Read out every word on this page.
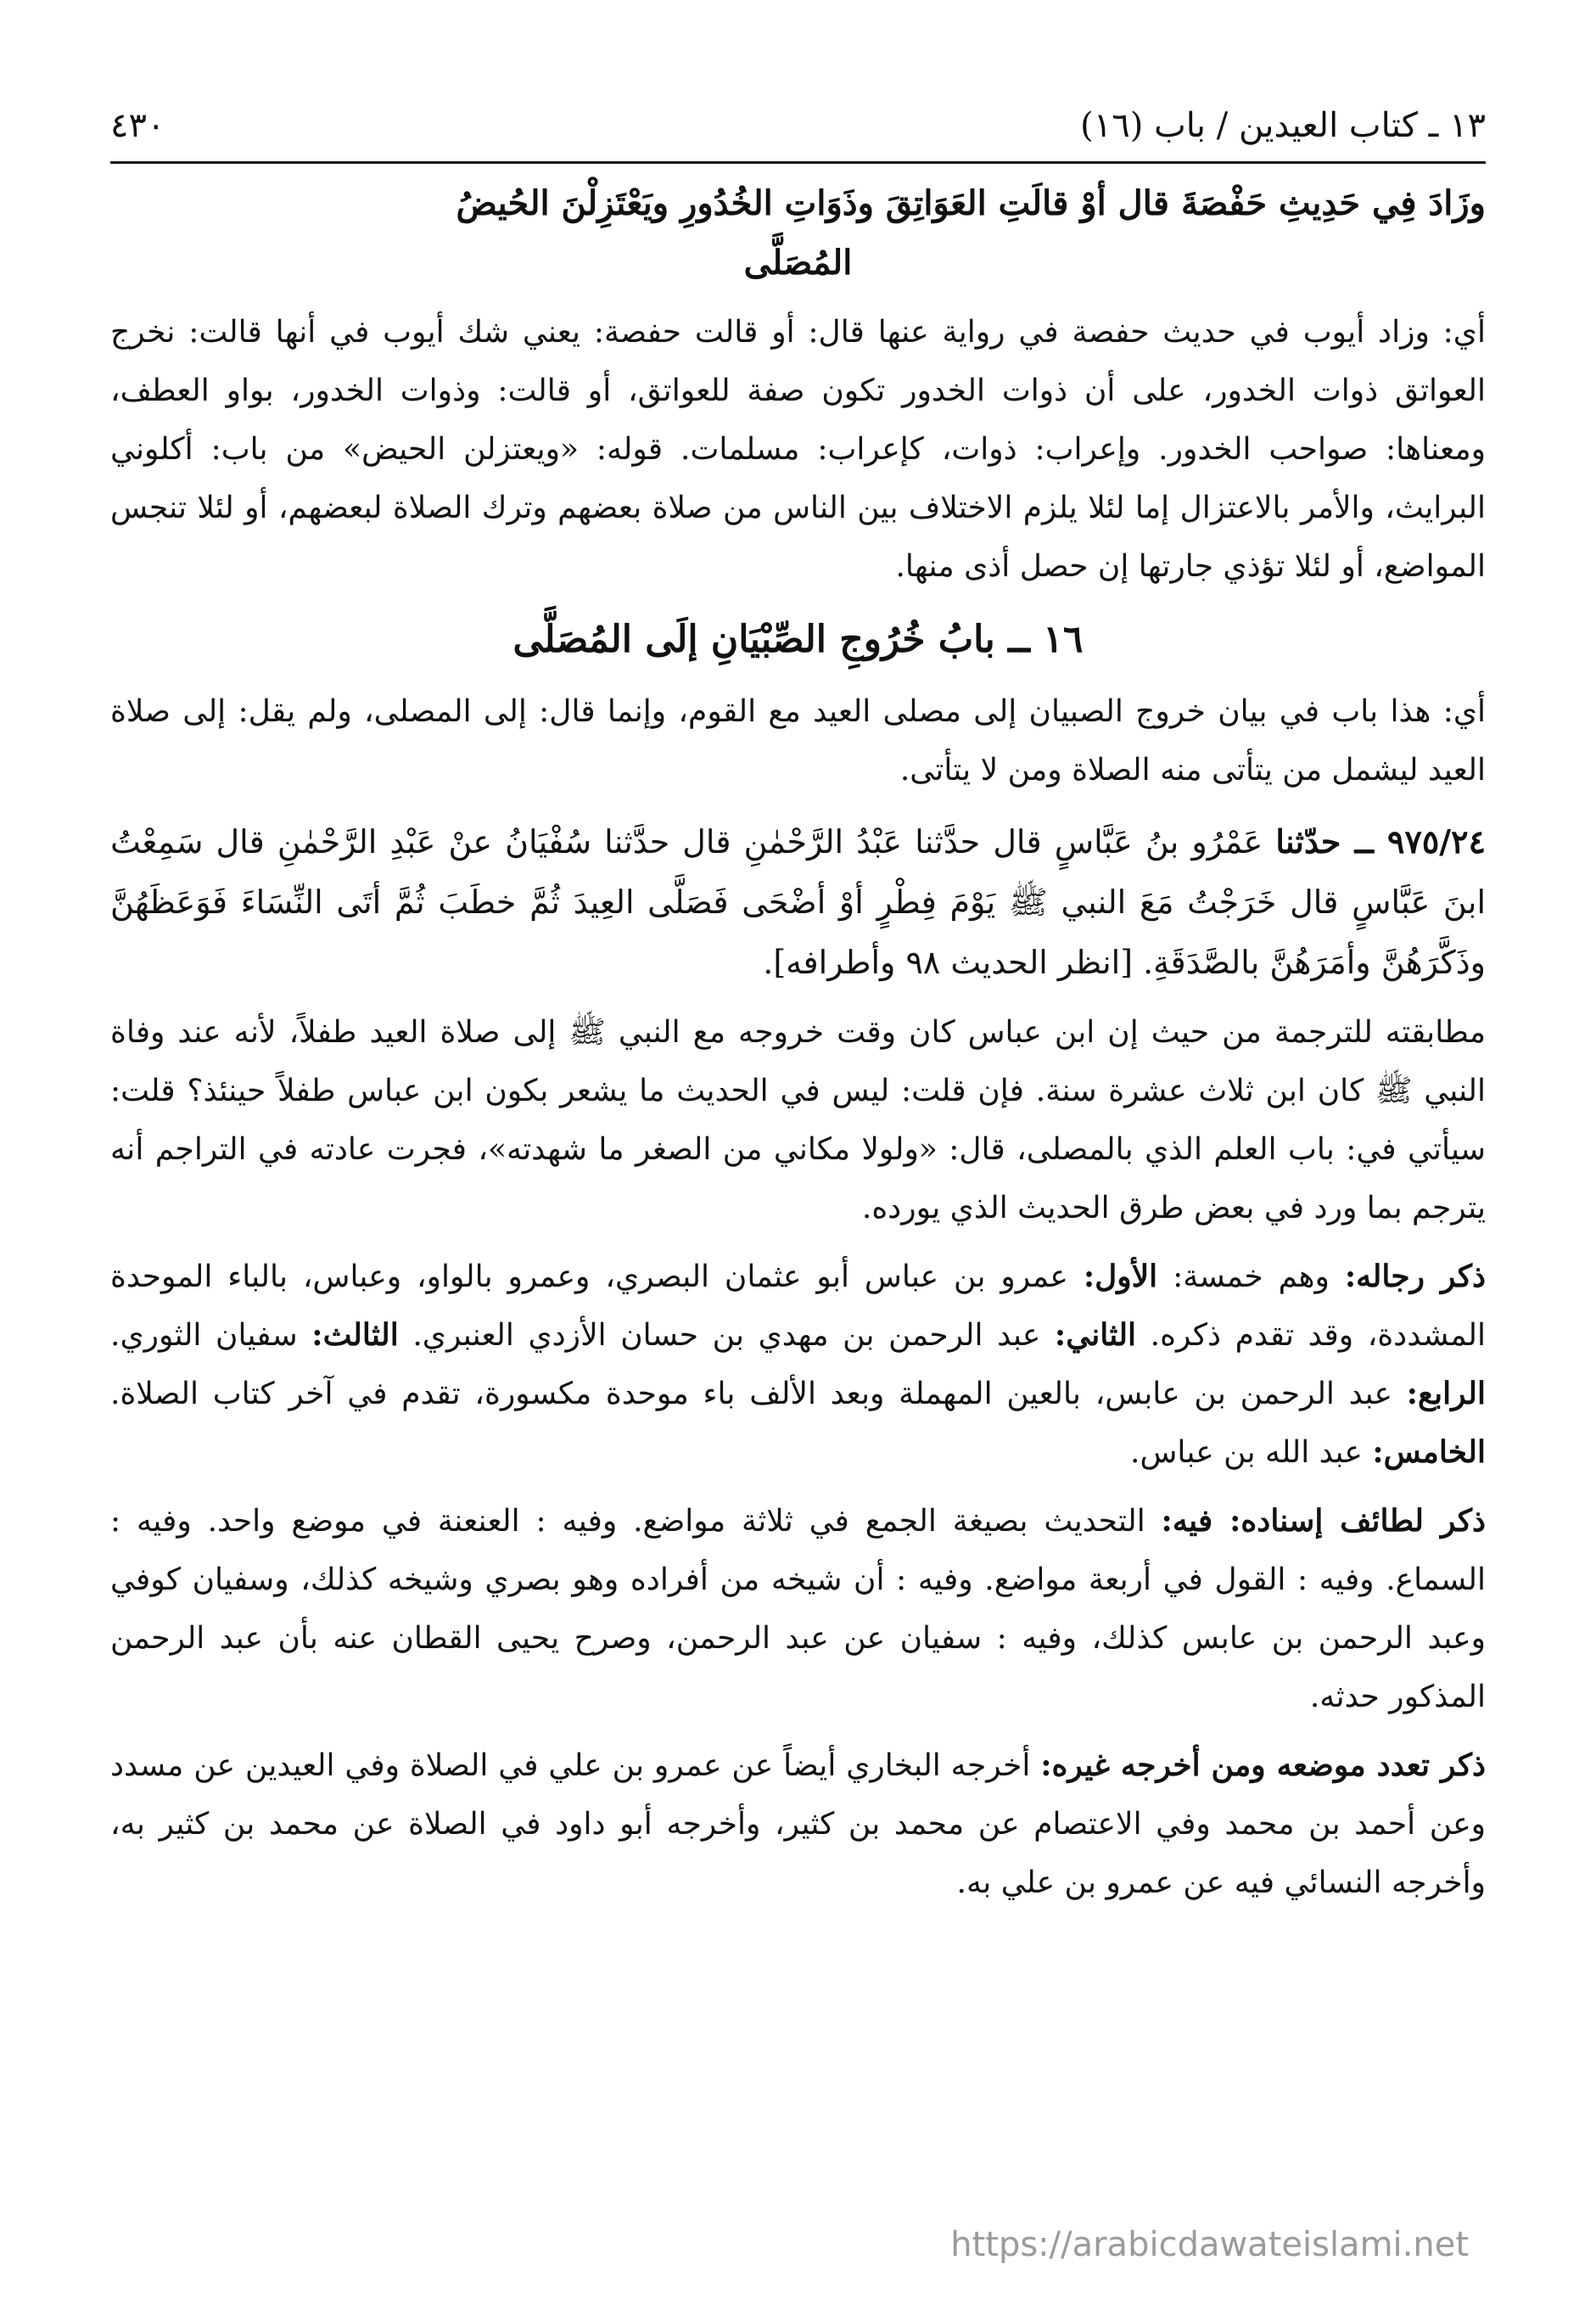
١٣ ـ كتاب العيدين / باب (١٦)
٤٣٠

وزَادَ فِي حَدِيثِ حَفْصَةَ قال أوْ قالَتِ العَوَاتِقَ وذَوَاتِ الخُدُورِ ويَعْتَزِلْنَ الحُيضُ
المُصَلَّى

أي: وزاد أيوب في حديث حفصة في رواية عنها قال: أو قالت حفصة: يعني شك أيوب في أنها قالت: نخرج العواتق ذوات الخدور، على أن ذوات الخدور تكون صفة للعواتق، أو قالت: وذوات الخدور، بواو العطف، ومعناها: صواحب الخدور. وإعراب: ذوات، كإعراب: مسلمات. قوله: «ويعتزلن الحيض» من باب: أكلوني البرايث، والأمر بالاعتزال إما لئلا يلزم الاختلاف بين الناس من صلاة بعضهم وترك الصلاة لبعضهم، أو لئلا تنجس المواضع، أو لئلا تؤذي جارتها إن حصل أذى منها.

١٦ ــ بابُ خُرُوجِ الصِّبْيَانِ إلَى المُصَلَّى

أي: هذا باب في بيان خروج الصبيان إلى مصلى العيد مع القوم، وإنما قال: إلى المصلى، ولم يقل: إلى صلاة العيد ليشمل من يتأتى منه الصلاة ومن لا يتأتى.

٩٧٥/٢٤ ــ حدّثنا عَمْرُو بنُ عَبَّاسٍ قال حدَّثنا عَبْدُ الرَّحْمٰنِ قال حدَّثنا سُفْيَانُ عنْ عَبْدِ الرَّحْمٰنِ قال سَمِعْتُ ابنَ عَبَّاسٍ قال خَرَجْتُ مَعَ النبي ﷺ يَوْمَ فِطْرٍ أوْ أضْحَى فَصَلَّى العِيدَ ثُمَّ خطَبَ ثُمَّ أتَى النِّسَاءَ فَوَعَظَهُنَّ وذَكَّرَهُنَّ وأمَرَهُنَّ بالصَّدَقَةِ. [انظر الحديث ٩٨ وأطرافه].

مطابقته للترجمة من حيث إن ابن عباس كان وقت خروجه مع النبي ﷺ إلى صلاة العيد طفلاً، لأنه عند وفاة النبي ﷺ كان ابن ثلاث عشرة سنة. فإن قلت: ليس في الحديث ما يشعر بكون ابن عباس طفلاً حينئذ؟ قلت: سيأتي في: باب العلم الذي بالمصلى، قال: «ولولا مكاني من الصغر ما شهدته»، فجرت عادته في التراجم أنه يترجم بما ورد في بعض طرق الحديث الذي يورده.

ذكر رجاله: وهم خمسة: الأول: عمرو بن عباس أبو عثمان البصري، وعمرو بالواو، وعباس، بالباء الموحدة المشددة، وقد تقدم ذكره. الثاني: عبد الرحمن بن مهدي بن حسان الأزدي العنبري. الثالث: سفيان الثوري. الرابع: عبد الرحمن بن عابس، بالعين المهملة وبعد الألف باء موحدة مكسورة، تقدم في آخر كتاب الصلاة. الخامس: عبد الله بن عباس.

ذكر لطائف إسناده: فيه: التحديث بصيغة الجمع في ثلاثة مواضع. وفيه : العنعنة في موضع واحد. وفيه : السماع. وفيه : القول في أربعة مواضع. وفيه : أن شيخه من أفراده وهو بصري وشيخه كذلك، وسفيان كوفي وعبد الرحمن بن عابس كذلك، وفيه : سفيان عن عبد الرحمن، وصرح يحيى القطان عنه بأن عبد الرحمن المذكور حدثه.

ذكر تعدد موضعه ومن أخرجه غيره: أخرجه البخاري أيضاً عن عمرو بن علي في الصلاة وفي العيدين عن مسدد وعن أحمد بن محمد وفي الاعتصام عن محمد بن كثير، وأخرجه أبو داود في الصلاة عن محمد بن كثير به، وأخرجه النسائي فيه عن عمرو بن علي به.

https://arabicdawateislami.net
